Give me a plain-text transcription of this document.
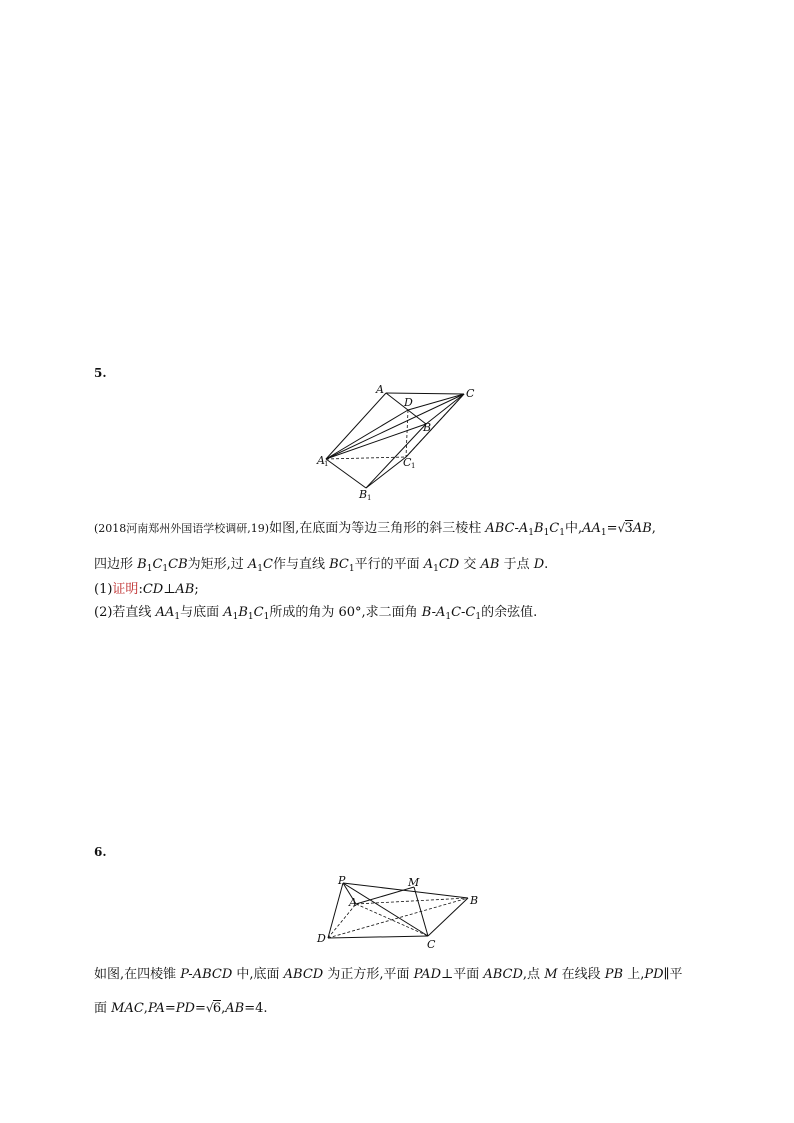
5.
A	C
D
B
A 1	C 1
B 1
(2018河南郑州外国语学校调研,19)如图,在底面为等边三角形的斜三棱柱 ABC-$A_1B_1C_1$中$,AA_1=$ √ 3AB,
四边形 $B_1C_1CB$为矩形,过 $A_1C$作与直线 $BC_1$平行的平面 $A_1CD$ 交 AB 于点 D.
(1)证明:CD⊥AB;
(2)若直线 $AA_1$与底面 $A_1B_1C_1$所成的角为 60°,求二面角 $B-A_1C-C_1$的余弦值.
6.
P	M
A	B
D	C
如图,在四棱锥 P-ABCD 中,底面 ABCD 为正方形,平面 PAD⊥平面 ABCD,点 M 在线段 PB 上,PD∥平
面 MAC,PA=PD= √ 6,AB=4.
